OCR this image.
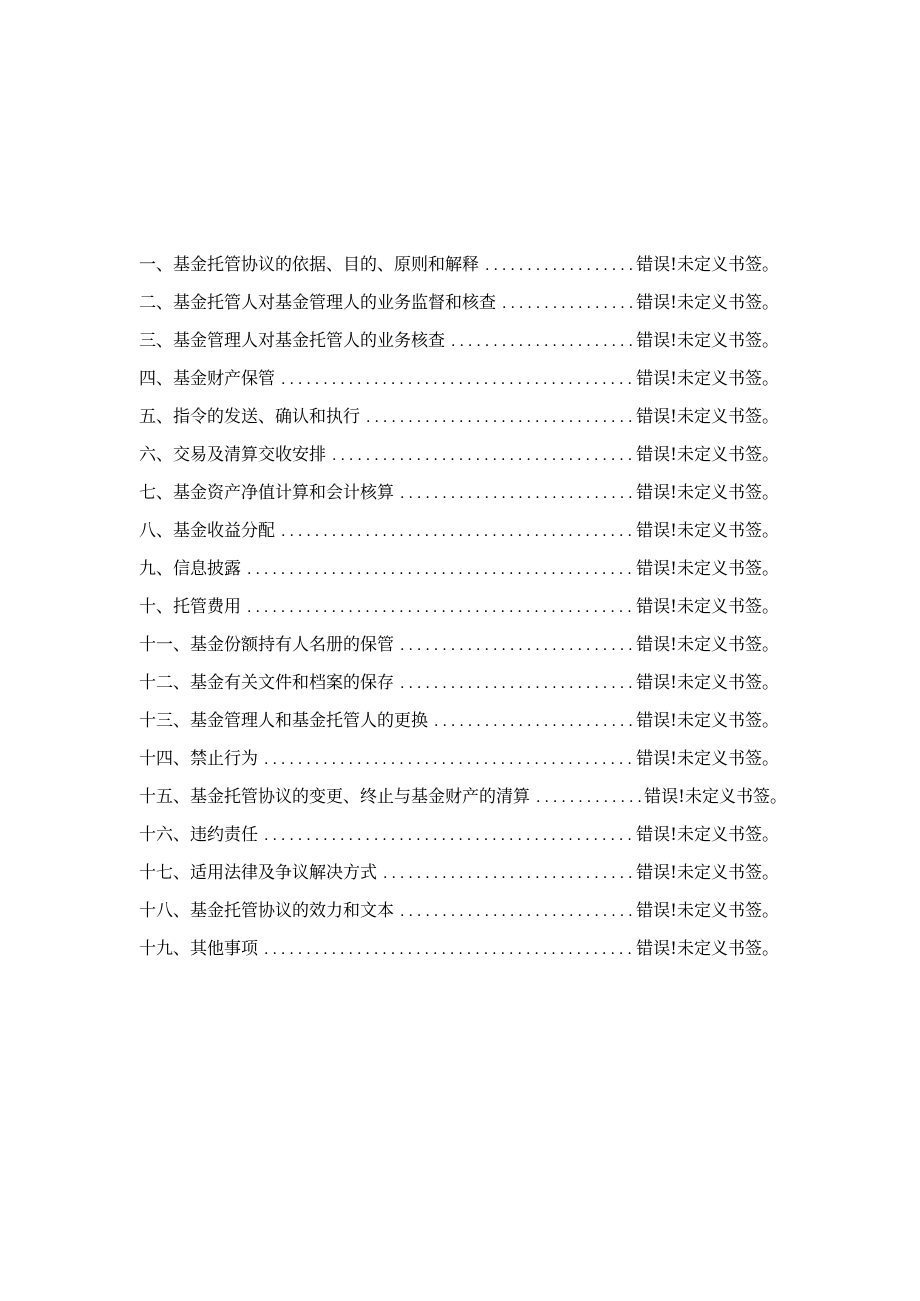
一、基金托管协议的依据、目的、原则和解释 .....	错误!未定义书签。
二、基金托管人对基金管理人的业务监督和核查 .....	错误!未定义书签。
三、基金管理人对基金托管人的业务核查 .....	错误!未定义书签。
四、基金财产保管 .....	错误!未定义书签。
五、指令的发送、确认和执行 .....	错误!未定义书签。
六、交易及清算交收安排 .....	错误!未定义书签。
七、基金资产净值计算和会计核算 .....	错误!未定义书签。
八、基金收益分配 .....	错误!未定义书签。
九、信息披露 .....	错误!未定义书签。
十、托管费用 .....	错误!未定义书签。
十一、基金份额持有人名册的保管 .....	错误!未定义书签。
十二、基金有关文件和档案的保存 .....	错误!未定义书签。
十三、基金管理人和基金托管人的更换 .....	错误!未定义书签。
十四、禁止行为 .....	错误!未定义书签。
十五、基金托管协议的变更、终止与基金财产的清算 .....	错误!未定义书签。
十六、违约责任 .....	错误!未定义书签。
十七、适用法律及争议解决方式 .....	错误!未定义书签。
十八、基金托管协议的效力和文本 .....	错误!未定义书签。
十九、其他事项 .....	错误!未定义书签。
